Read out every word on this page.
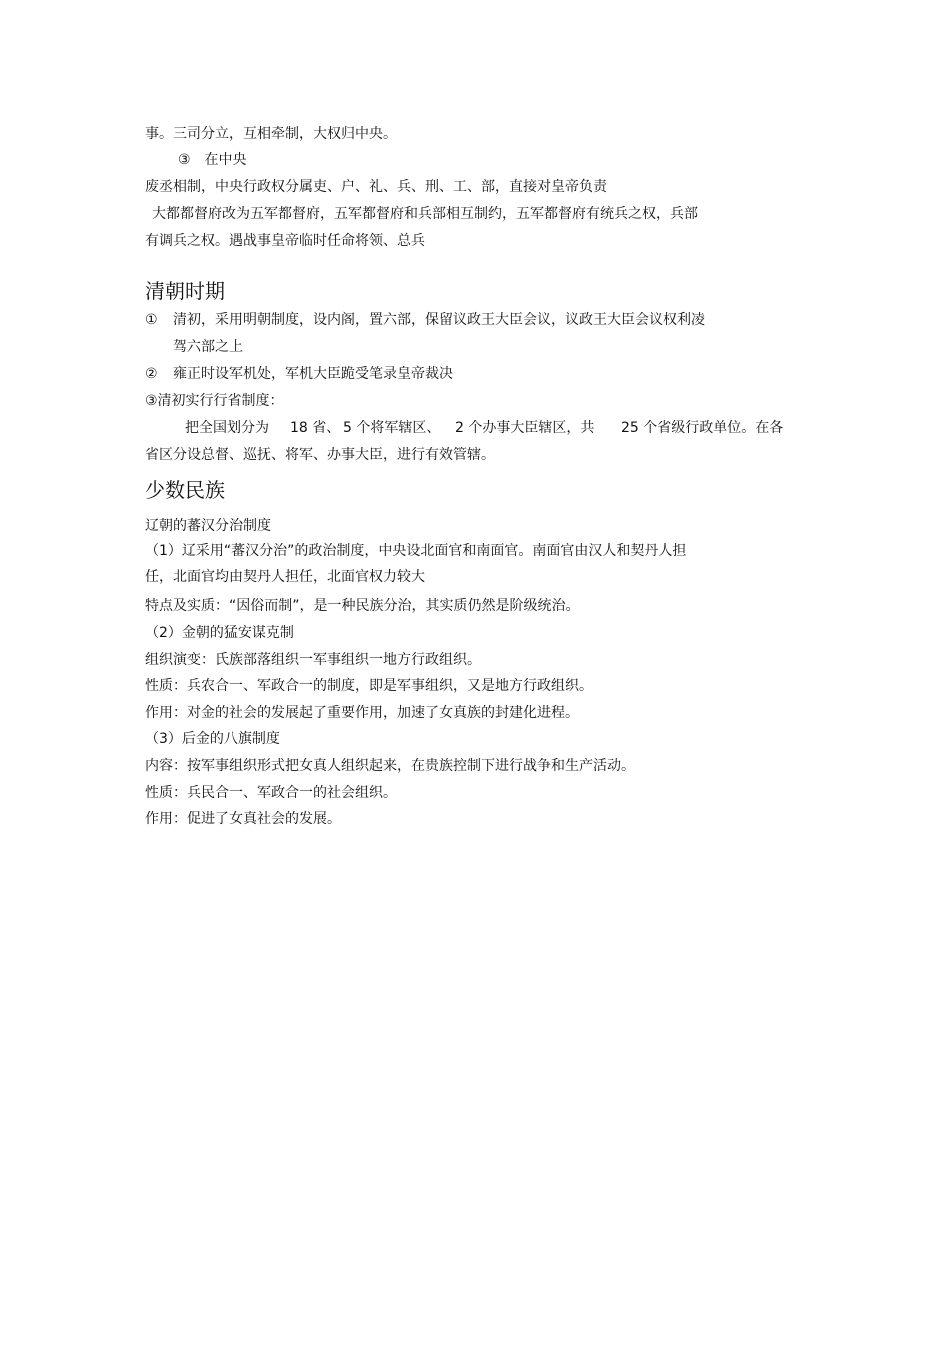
事。三司分立，互相牵制，大权归中央。
③　在中央
废丞相制，中央行政权分属吏、户、礼、兵、刑、工、部，直接对皇帝负责
大都都督府改为五军都督府，五军都督府和兵部相互制约，五军都督府有统兵之权，兵部
有调兵之权。遇战事皇帝临时任命将领、总兵
清朝时期
① 清初，采用明朝制度，设内阁，置六部，保留议政王大臣会议，议政王大臣会议权利凌
驾六部之上
② 雍正时设军机处，军机大臣跪受笔录皇帝裁决
③清初实行行省制度：
把全国划分为 18 省、 5 个将军辖区、 2 个办事大臣辖区，共 25 个省级行政单位。在各
省区分设总督、巡抚、将军、办事大臣，进行有效管辖。
少数民族
辽朝的蕃汉分治制度
（1）辽采用“蕃汉分治”的政治制度，中央设北面官和南面官。南面官由汉人和契丹人担
任，北面官均由契丹人担任，北面官权力较大
特点及实质：“因俗而制”，是一种民族分治，其实质仍然是阶级统治。
（2）金朝的猛安谋克制
组织演变：氏族部落组织一军事组织一地方行政组织。
性质：兵农合一、军政合一的制度，即是军事组织，又是地方行政组织。
作用：对金的社会的发展起了重要作用，加速了女真族的封建化进程。
（3）后金的八旗制度
内容：按军事组织形式把女真人组织起来，在贵族控制下进行战争和生产活动。
性质：兵民合一、军政合一的社会组织。
作用：促进了女真社会的发展。
